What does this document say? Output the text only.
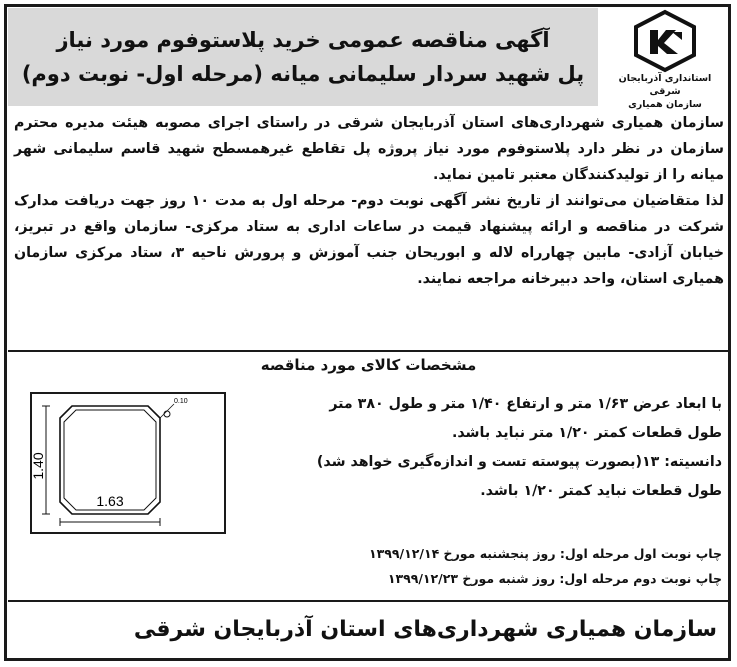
آگهی مناقصه عمومی خرید پلاستوفوم مورد نیاز
پل شهید سردار سلیمانی میانه (مرحله اول- نوبت دوم)	استانداری آذربایجان شرقی
سازمان همیاری

سازمان همیاری شهرداری‌های استان آذربایجان شرقی در راستای اجرای مصوبه هیئت مدیره محترم سازمان در نظر دارد پلاستوفوم مورد نیاز پروژه پل تقاطع غیرهمسطح شهید قاسم سلیمانی شهر میانه را از تولیدکنندگان معتبر تامین نماید.

لذا متقاضیان می‌توانند از تاریخ نشر آگهی نوبت دوم- مرحله اول به مدت ۱۰ روز جهت دریافت مدارک شرکت در مناقصه و ارائه پیشنهاد قیمت در ساعات اداری به ستاد مرکزی- سازمان واقع در تبریز، خیابان آزادی- مابین چهارراه لاله و ابوریحان جنب آموزش و پرورش ناحیه ۳، ستاد مرکزی سازمان همیاری استان، واحد دبیرخانه مراجعه نمایند.

مشخصات کالای مورد مناقصه

با ابعاد عرض ۱/۶۳ متر و ارتفاع ۱/۴۰ متر و طول ۳۸۰ متر

طول قطعات کمتر ۱/۲۰ متر نباید باشد.

دانسیته: ۱۳(بصورت پیوسته تست و اندازه‌گیری خواهد شد)

طول قطعات نباید کمتر ۱/۲۰ باشد.

1.40
1.63
0.10

چاپ نوبت اول مرحله اول: روز پنجشنبه مورخ ۱۳۹۹/۱۲/۱۴

چاپ نوبت دوم مرحله اول: روز شنبه مورخ ۱۳۹۹/۱۲/۲۳

سازمان همیاری شهرداری‌های استان آذربایجان شرقی
